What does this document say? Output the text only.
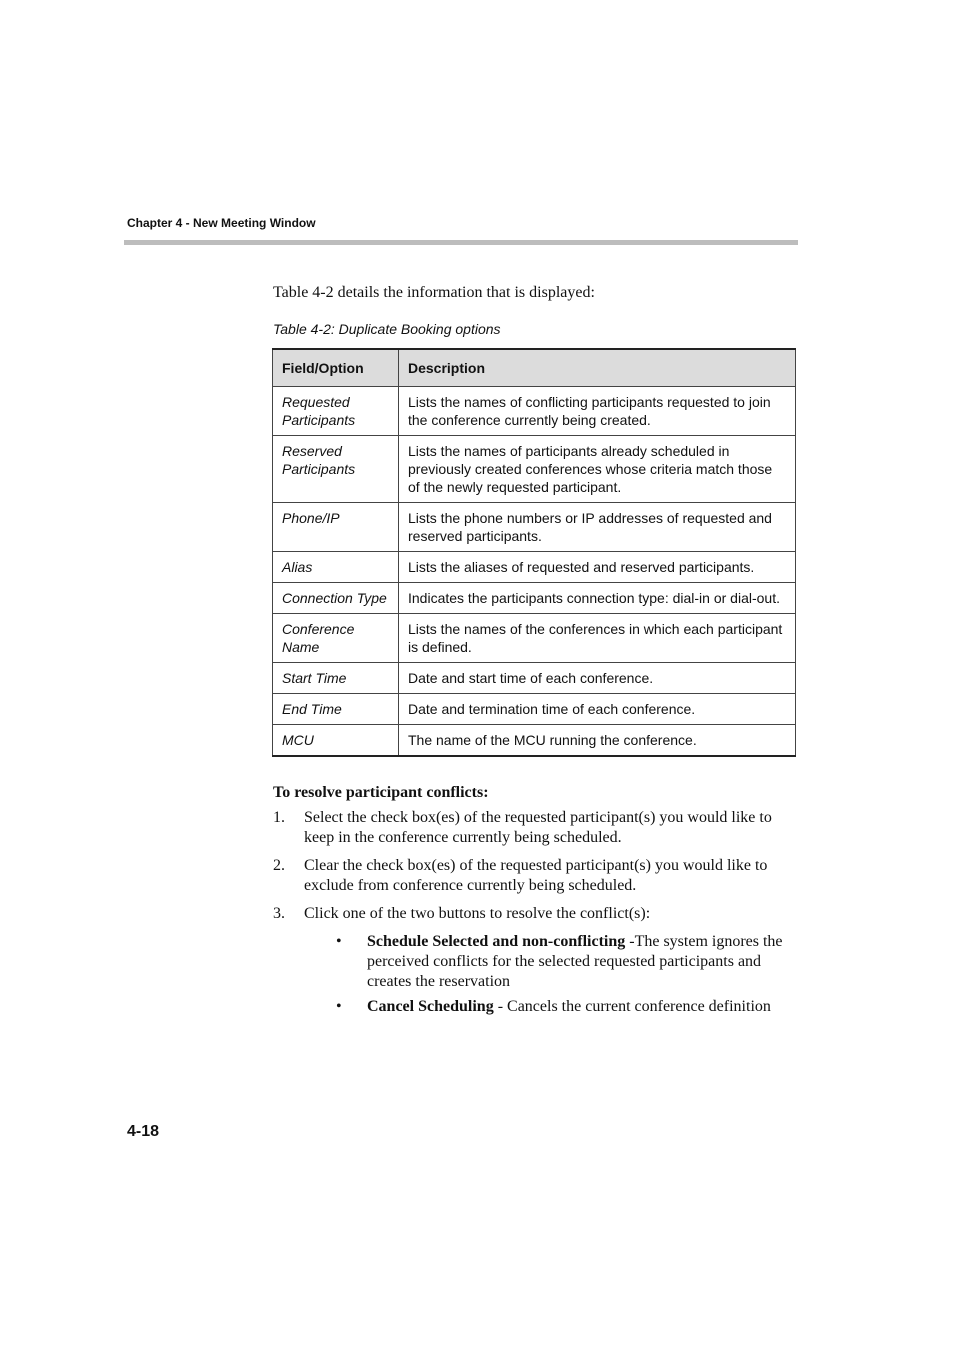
Chapter 4 - New Meeting Window
Table 4-2 details the information that is displayed:
Table 4-2: Duplicate Booking options
Field/Option	Description
Requested Participants	Lists the names of conflicting participants requested to join the conference currently being created.
Reserved Participants	Lists the names of participants already scheduled in previously created conferences whose criteria match those of the newly requested participant.
Phone/IP	Lists the phone numbers or IP addresses of requested and reserved participants.
Alias	Lists the aliases of requested and reserved participants.
Connection Type	Indicates the participants connection type: dial-in or dial-out.
Conference Name	Lists the names of the conferences in which each participant is defined.
Start Time	Date and start time of each conference.
End Time	Date and termination time of each conference.
MCU	The name of the MCU running the conference.
To resolve participant conflicts:
1. Select the check box(es) of the requested participant(s) you would like to keep in the conference currently being scheduled.
2. Clear the check box(es) of the requested participant(s) you would like to exclude from conference currently being scheduled.
3. Click one of the two buttons to resolve the conflict(s):
• Schedule Selected and non-conflicting -The system ignores the perceived conflicts for the selected requested participants and creates the reservation
• Cancel Scheduling - Cancels the current conference definition
4-18
